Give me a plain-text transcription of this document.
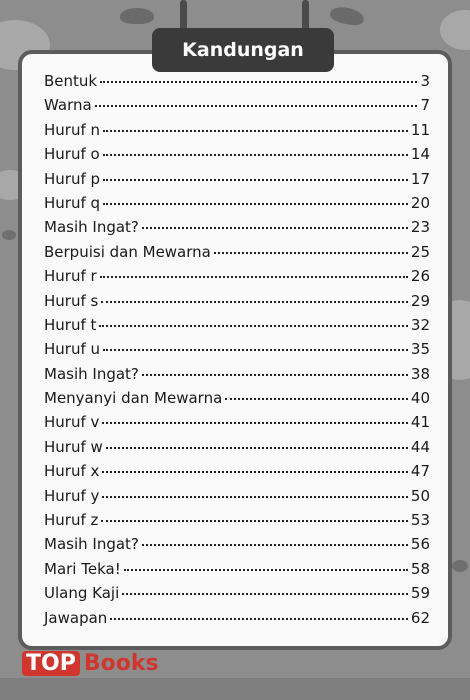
Kandungan
Bentuk	3
Warna	7
Huruf n	11
Huruf o	14
Huruf p	17
Huruf q	20
Masih Ingat?	23
Berpuisi dan Mewarna	25
Huruf r	26
Huruf s	29
Huruf t	32
Huruf u	35
Masih Ingat?	38
Menyanyi dan Mewarna	40
Huruf v	41
Huruf w	44
Huruf x	47
Huruf y	50
Huruf z	53
Masih Ingat?	56
Mari Teka!	58
Ulang Kaji	59
Jawapan	62
TOP Books
